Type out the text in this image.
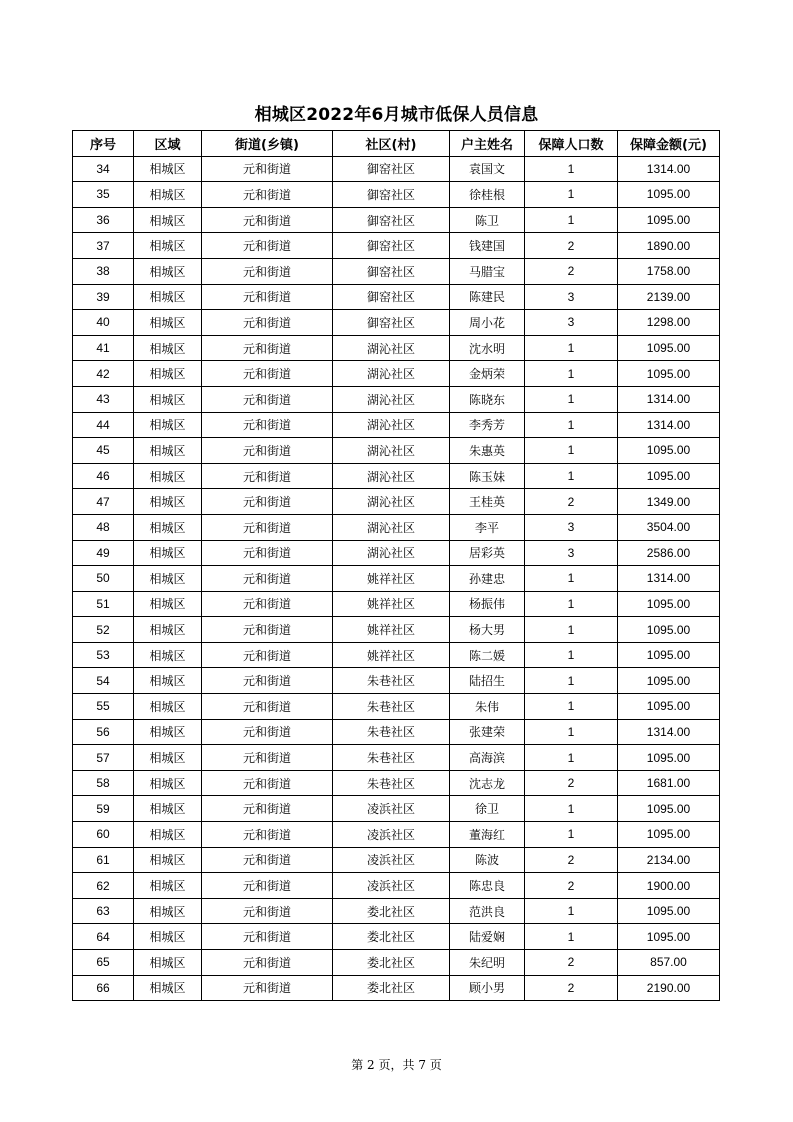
相城区2022年6月城市低保人员信息
序号	区域	街道(乡镇)	社区(村)	户主姓名	保障人口数	保障金额(元)
34	相城区	元和街道	御窑社区	袁国文	1	1314.00
35	相城区	元和街道	御窑社区	徐桂根	1	1095.00
36	相城区	元和街道	御窑社区	陈卫	1	1095.00
37	相城区	元和街道	御窑社区	钱建国	2	1890.00
38	相城区	元和街道	御窑社区	马腊宝	2	1758.00
39	相城区	元和街道	御窑社区	陈建民	3	2139.00
40	相城区	元和街道	御窑社区	周小花	3	1298.00
41	相城区	元和街道	湖沁社区	沈水明	1	1095.00
42	相城区	元和街道	湖沁社区	金炳荣	1	1095.00
43	相城区	元和街道	湖沁社区	陈晓东	1	1314.00
44	相城区	元和街道	湖沁社区	李秀芳	1	1314.00
45	相城区	元和街道	湖沁社区	朱惠英	1	1095.00
46	相城区	元和街道	湖沁社区	陈玉妹	1	1095.00
47	相城区	元和街道	湖沁社区	王桂英	2	1349.00
48	相城区	元和街道	湖沁社区	李平	3	3504.00
49	相城区	元和街道	湖沁社区	居彩英	3	2586.00
50	相城区	元和街道	姚祥社区	孙建忠	1	1314.00
51	相城区	元和街道	姚祥社区	杨振伟	1	1095.00
52	相城区	元和街道	姚祥社区	杨大男	1	1095.00
53	相城区	元和街道	姚祥社区	陈二媛	1	1095.00
54	相城区	元和街道	朱巷社区	陆招生	1	1095.00
55	相城区	元和街道	朱巷社区	朱伟	1	1095.00
56	相城区	元和街道	朱巷社区	张建荣	1	1314.00
57	相城区	元和街道	朱巷社区	高海滨	1	1095.00
58	相城区	元和街道	朱巷社区	沈志龙	2	1681.00
59	相城区	元和街道	凌浜社区	徐卫	1	1095.00
60	相城区	元和街道	凌浜社区	董海红	1	1095.00
61	相城区	元和街道	凌浜社区	陈波	2	2134.00
62	相城区	元和街道	凌浜社区	陈忠良	2	1900.00
63	相城区	元和街道	娄北社区	范洪良	1	1095.00
64	相城区	元和街道	娄北社区	陆爱娴	1	1095.00
65	相城区	元和街道	娄北社区	朱纪明	2	857.00
66	相城区	元和街道	娄北社区	顾小男	2	2190.00
第 2 页，共 7 页
